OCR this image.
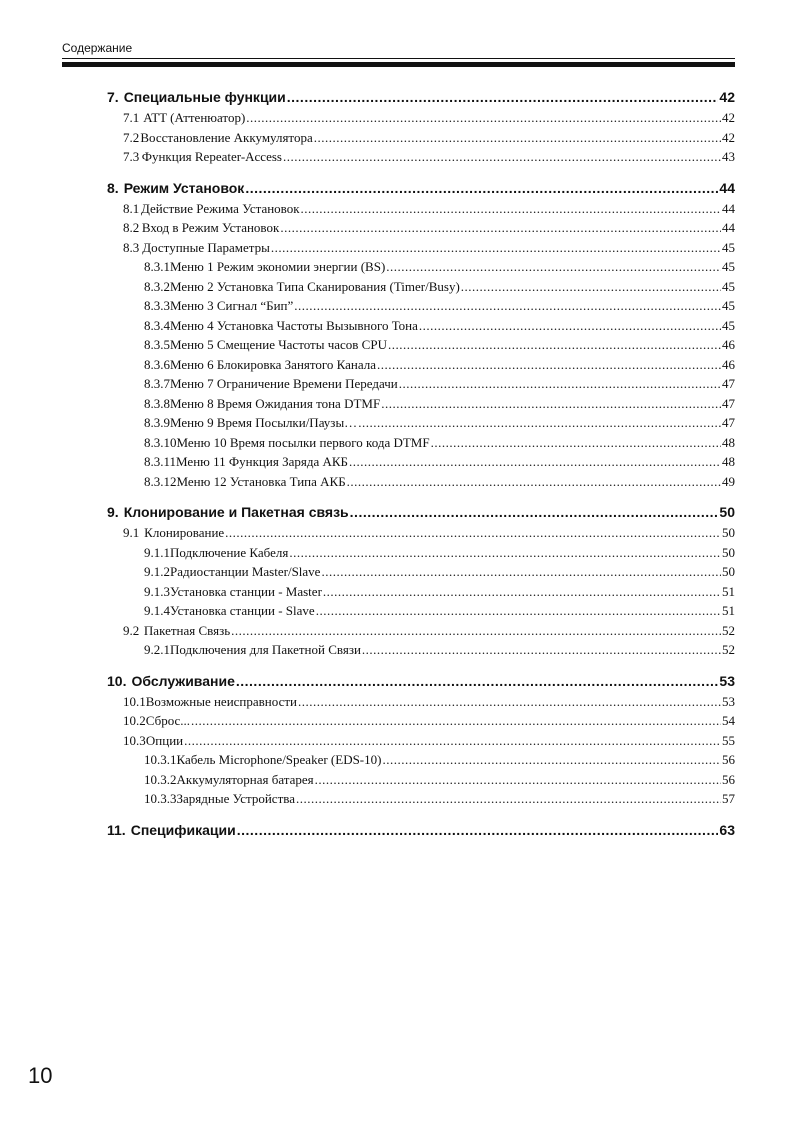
Содержание
7. Специальные функции .....	42
7.1 ATT (Аттенюатор) .....	42
7.2 Восстановление Аккумулятора .....	42
7.3 Функция Repeater-Access .....	43
8. Режим Установок .....	44
8.1 Действие Режима Установок .....	44
8.2 Вход в Режим Установок .....	44
8.3 Доступные Параметры .....	45
8.3.1 Меню 1 Режим экономии энергии (BS) .....	45
8.3.2 Меню 2 Установка Типа Сканирования (Timer/Busy) .....	45
8.3.3 Меню 3 Сигнал “Бип” .....	45
8.3.4 Меню 4 Установка Частоты Вызывного Тона .....	45
8.3.5 Меню 5 Смещение Частоты часов CPU .....	46
8.3.6 Меню 6 Блокировка Занятого Канала .....	46
8.3.7 Меню 7 Ограничение Времени Передачи .....	47
8.3.8 Меню 8 Время Ожидания тона DTMF .....	47
8.3.9 Меню 9 Время Посылки/Паузы… .....	47
8.3.10 Меню 10 Время посылки первого кода DTMF .....	48
8.3.11 Меню 11 Функция Заряда АКБ .....	48
8.3.12 Меню 12 Установка Типа АКБ .....	49
9. Клонирование и Пакетная связь .....	50
9.1 Клонирование .....	50
9.1.1 Подключение Кабеля .....	50
9.1.2 Радиостанции Master/Slave .....	50
9.1.3 Установка станции - Master .....	51
9.1.4 Установка станции - Slave .....	51
9.2 Пакетная Связь .....	52
9.2.1 Подключения для Пакетной Связи .....	52
10. Обслуживание .....	53
10.1 Возможные неисправности .....	53
10.2 Сброс... .....	54
10.3 Опции .....	55
10.3.1 Кабель Microphone/Speaker (EDS-10) .....	56
10.3.2 Аккумуляторная батарея .....	56
10.3.3 Зарядные Устройства .....	57
11. Спецификации .....	63
10
